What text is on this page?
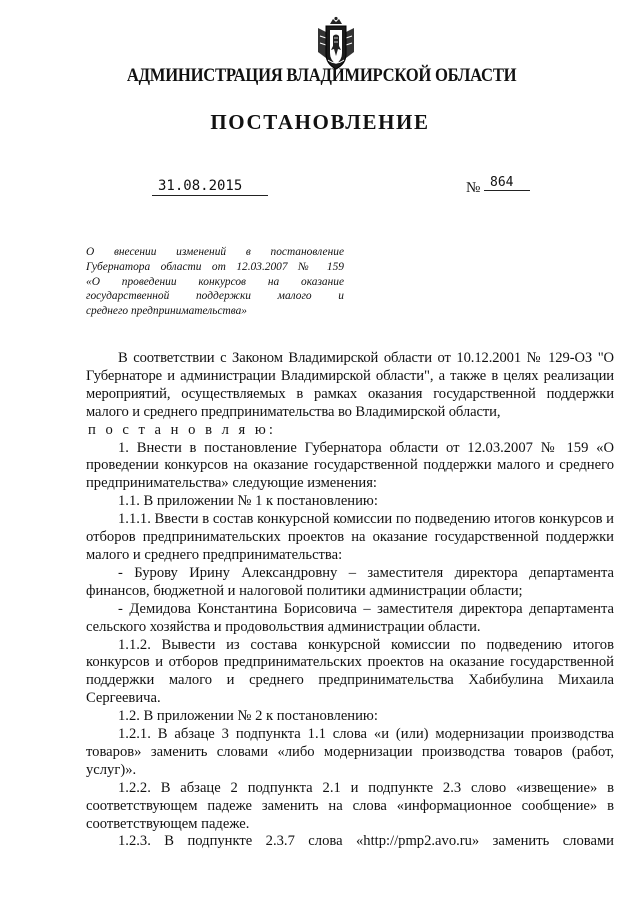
АДМИНИСТРАЦИЯ ВЛАДИМИРСКОЙ ОБЛАСТИ
ПОСТАНОВЛЕНИЕ
31.08.2015	№ 864
О внесении изменений в постановление
Губернатора области от 12.03.2007 № 159
«О проведении конкурсов на оказание
государственной поддержки малого и
среднего предпринимательства»

В соответствии с Законом Владимирской области от 10.12.2001 № 129-ОЗ "О Губернаторе и администрации Владимирской области", а также в целях реализации мероприятий, осуществляемых в рамках оказания государственной поддержки малого и среднего предпринимательства во Владимирской области,

п о с т а н о в л я ю:

1. Внести в постановление Губернатора области от 12.03.2007 № 159 «О проведении конкурсов на оказание государственной поддержки малого и среднего предпринимательства» следующие изменения:

1.1. В приложении № 1 к постановлению:

1.1.1. Ввести в состав конкурсной комиссии по подведению итогов конкурсов и отборов предпринимательских проектов на оказание государственной поддержки малого и среднего предпринимательства:

- Бурову Ирину Александровну – заместителя директора департамента финансов, бюджетной и налоговой политики администрации области;

- Демидова Константина Борисовича – заместителя директора департамента сельского хозяйства и продовольствия администрации области.

1.1.2. Вывести из состава конкурсной комиссии по подведению итогов конкурсов и отборов предпринимательских проектов на оказание государственной поддержки малого и среднего предпринимательства Хабибулина Михаила Сергеевича.

1.2. В приложении № 2 к постановлению:

1.2.1. В абзаце 3 подпункта 1.1 слова «и (или) модернизации производства товаров» заменить словами «либо модернизации производства товаров (работ, услуг)».

1.2.2. В абзаце 2 подпункта 2.1 и подпункте 2.3 слово «извещение» в соответствующем падеже заменить на слова «информационное сообщение» в соответствующем падеже.

1.2.3. В подпункте 2.3.7 слова «http://pmp2.avo.ru» заменить словами
